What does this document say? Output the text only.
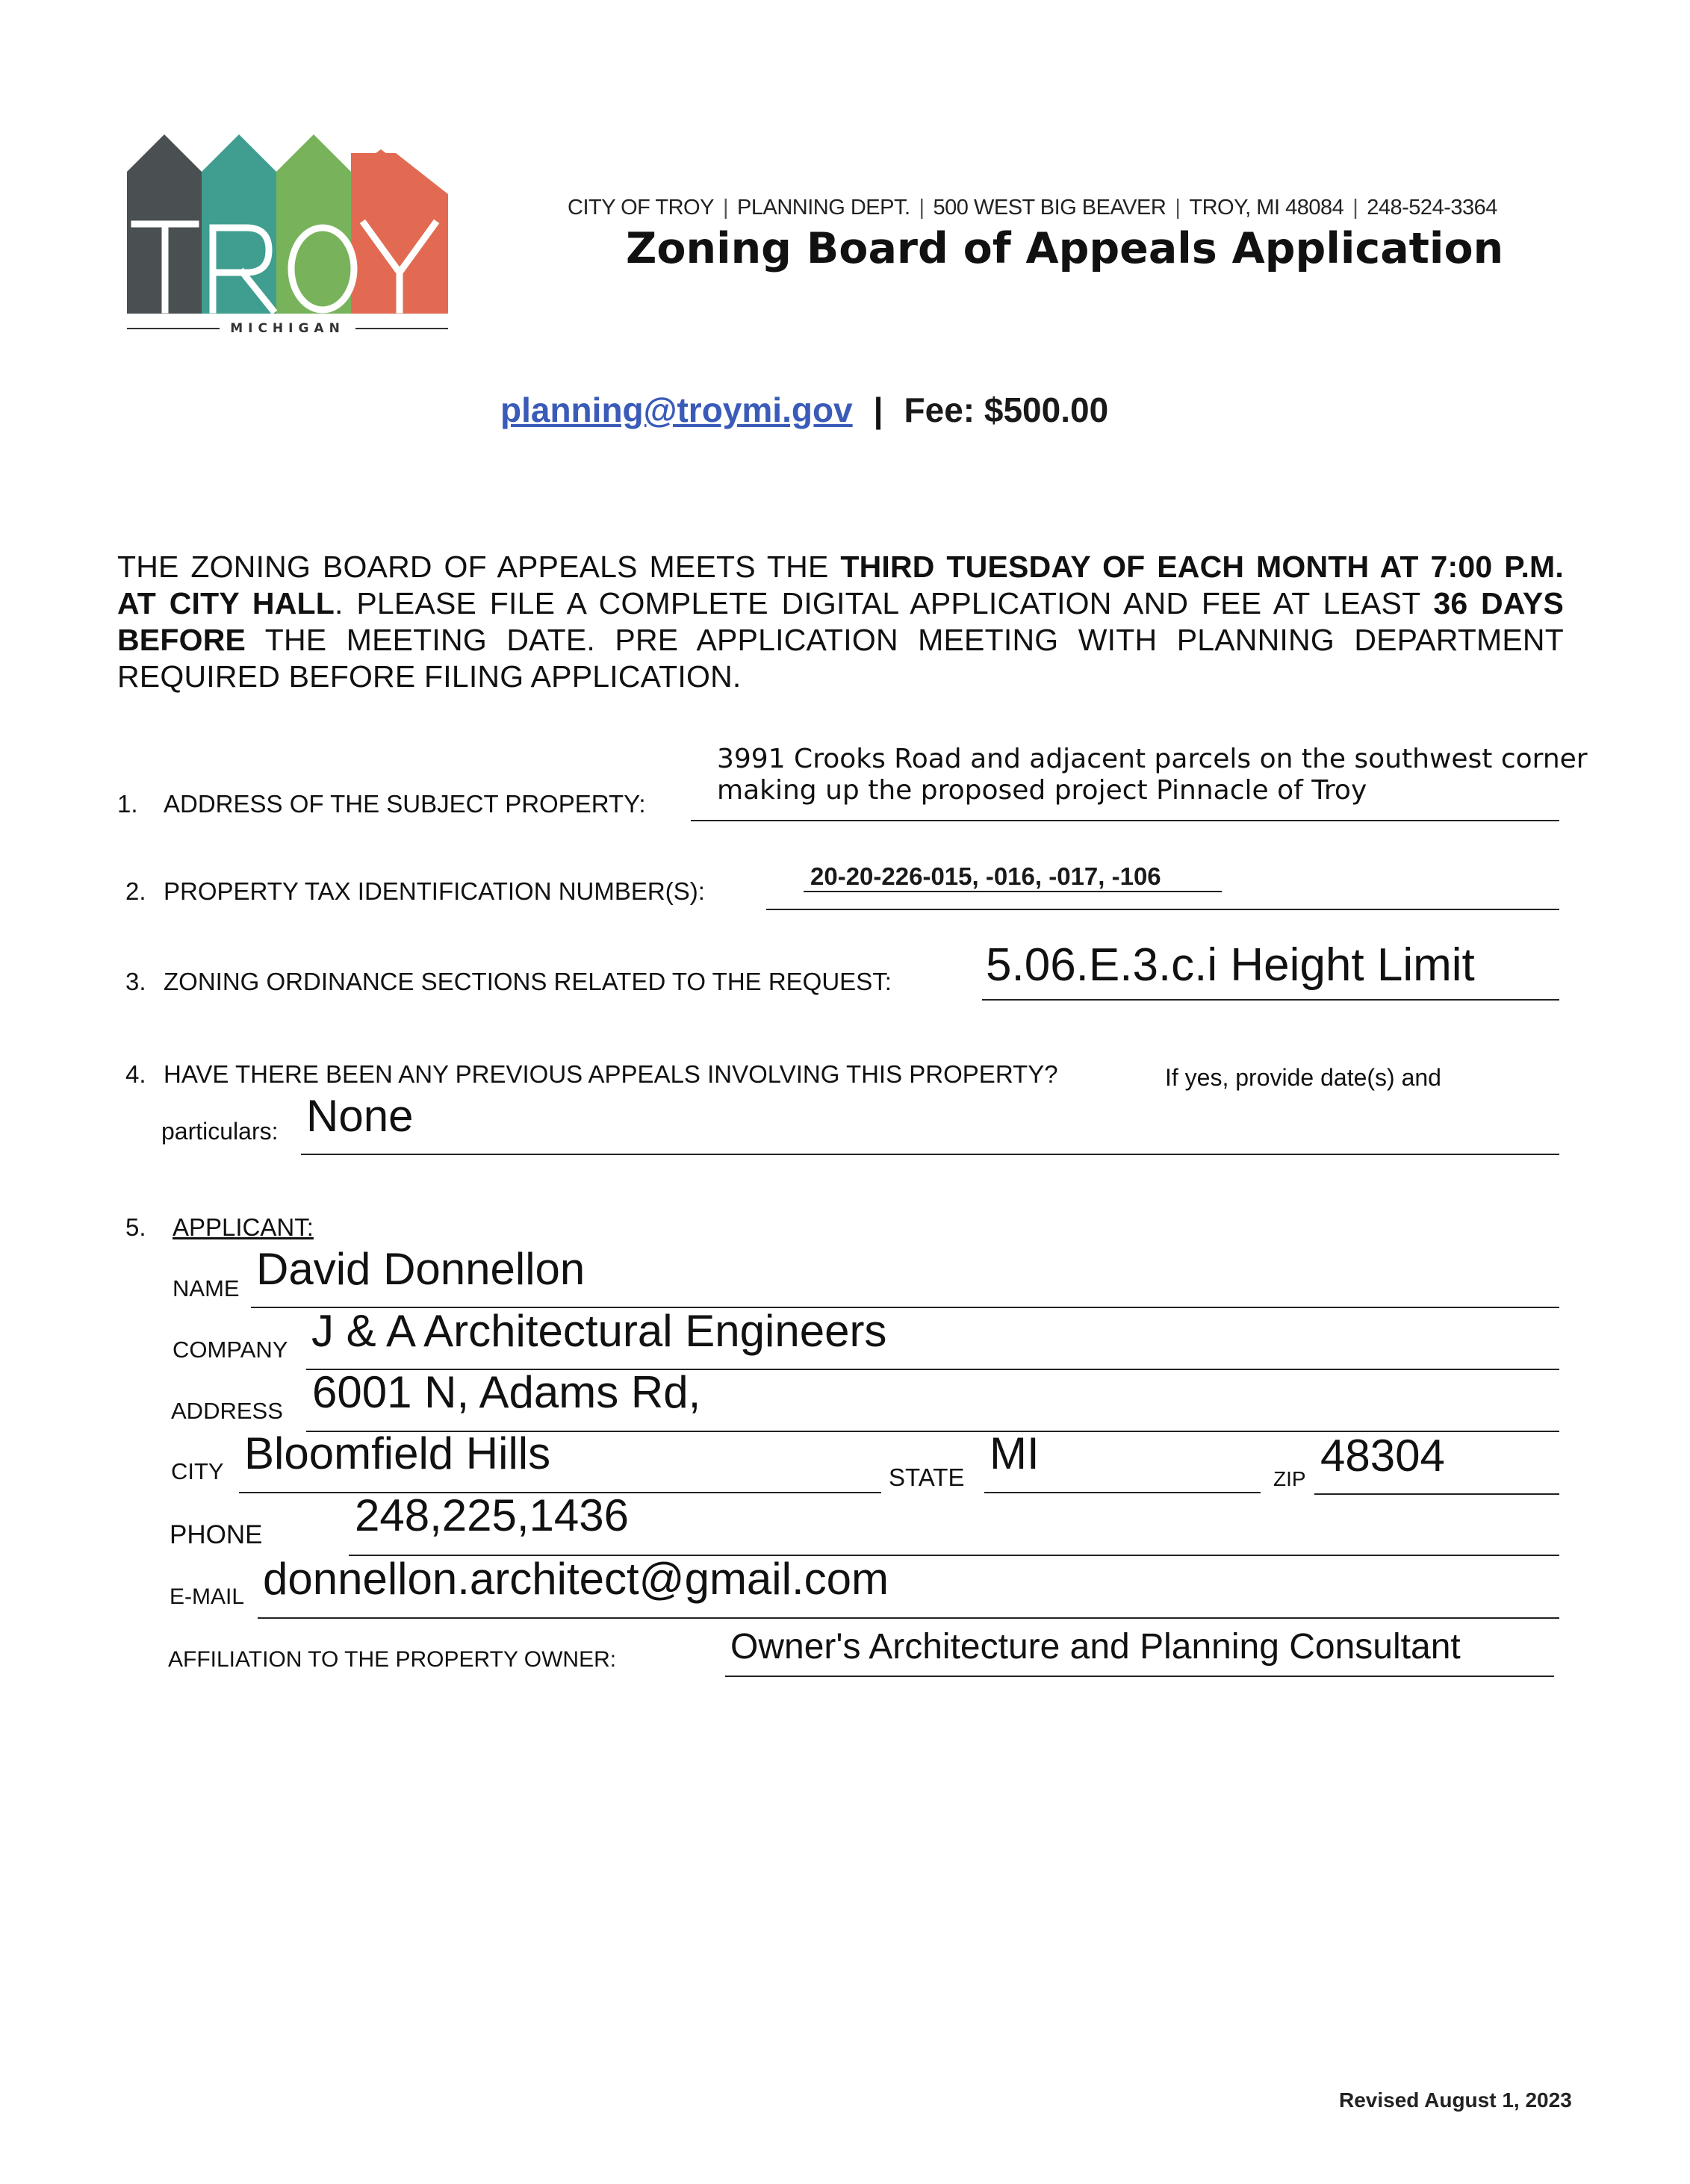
MICHIGAN
CITY OF TROY | PLANNING DEPT. | 500 WEST BIG BEAVER | TROY, MI 48084 | 248-524-3364
Zoning Board of Appeals Application
planning@troymi.gov | Fee: $500.00
THE ZONING BOARD OF APPEALS MEETS THE THIRD TUESDAY OF EACH MONTH AT 7:00 P.M. AT CITY HALL. PLEASE FILE A COMPLETE DIGITAL APPLICATION AND FEE AT LEAST 36 DAYS BEFORE THE MEETING DATE. PRE APPLICATION MEETING WITH PLANNING DEPARTMENT REQUIRED BEFORE FILING APPLICATION.
1. ADDRESS OF THE SUBJECT PROPERTY:
3991 Crooks Road and adjacent parcels on the southwest corner
making up the proposed project Pinnacle of Troy
2. PROPERTY TAX IDENTIFICATION NUMBER(S):
20-20-226-015, -016, -017, -106
3. ZONING ORDINANCE SECTIONS RELATED TO THE REQUEST: 5.06.E.3.c.i Height Limit
4. HAVE THERE BEEN ANY PREVIOUS APPEALS INVOLVING THIS PROPERTY?	If yes, provide date(s) and
particulars: None
5. APPLICANT:
NAME David Donnellon
COMPANY J & A Architectural Engineers
ADDRESS 6001 N, Adams Rd,
CITY Bloomfield Hills	STATE MI
ZIP 48304
PHONE 248,225,1436
E-MAIL donnellon.architect@gmail.com
AFFILIATION TO THE PROPERTY OWNER:	Owner's Architecture and Planning Consultant
Revised August 1, 2023
